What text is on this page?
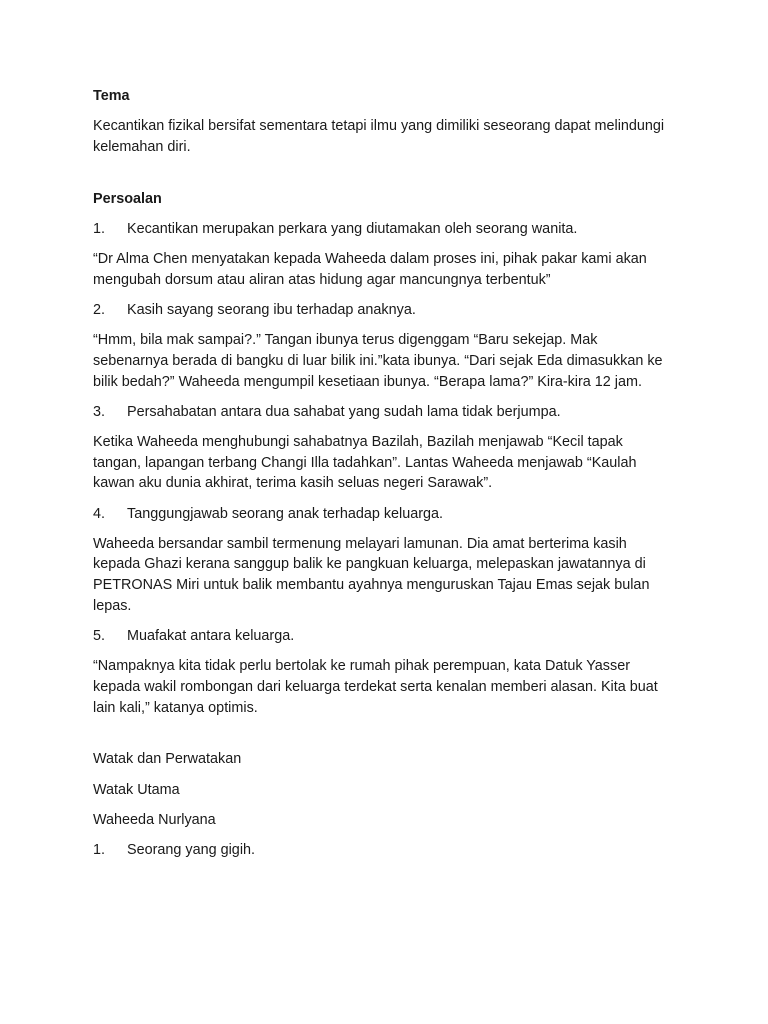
Tema

Kecantikan fizikal bersifat sementara tetapi ilmu yang dimiliki seseorang dapat melindungi kelemahan diri.

Persoalan

1.	Kecantikan merupakan perkara yang diutamakan oleh seorang wanita.

“Dr Alma Chen menyatakan kepada Waheeda dalam proses ini, pihak pakar kami akan mengubah dorsum atau aliran atas hidung agar mancungnya terbentuk”

2.	Kasih sayang seorang ibu terhadap anaknya.

“Hmm, bila mak sampai?.” Tangan ibunya terus digenggam “Baru sekejap. Mak sebenarnya berada di bangku di luar bilik ini.”kata ibunya. “Dari sejak Eda dimasukkan ke bilik bedah?” Waheeda mengumpil kesetiaan ibunya. “Berapa lama?” Kira-kira 12 jam.

3.	Persahabatan antara dua sahabat yang sudah lama tidak berjumpa.

Ketika Waheeda menghubungi sahabatnya Bazilah, Bazilah menjawab “Kecil tapak tangan, lapangan terbang Changi Illa tadahkan”. Lantas Waheeda menjawab “Kaulah kawan aku dunia akhirat, terima kasih seluas negeri Sarawak”.

4.	Tanggungjawab seorang anak terhadap keluarga.

Waheeda bersandar sambil termenung melayari lamunan. Dia amat berterima kasih kepada Ghazi kerana sanggup balik ke pangkuan keluarga, melepaskan jawatannya di PETRONAS Miri untuk balik membantu ayahnya menguruskan Tajau Emas sejak bulan lepas.

5.	Muafakat antara keluarga.

“Nampaknya kita tidak perlu bertolak ke rumah pihak perempuan, kata Datuk Yasser kepada wakil rombongan dari keluarga terdekat serta kenalan memberi alasan. Kita buat lain kali,” katanya optimis.

Watak dan Perwatakan

Watak Utama

Waheeda Nurlyana

1.	Seorang yang gigih.
